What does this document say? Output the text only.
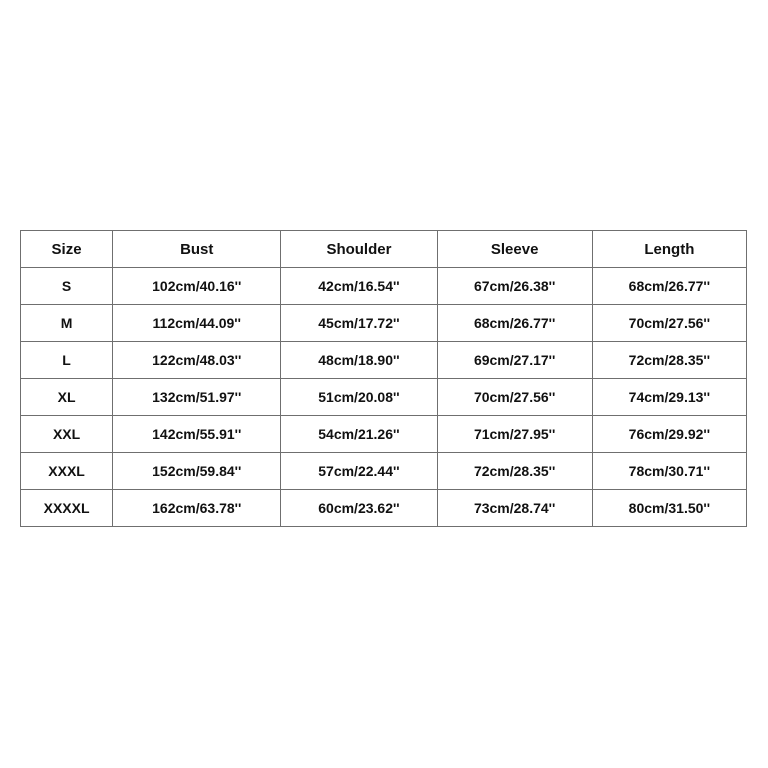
Size	Bust	Shoulder	Sleeve	Length
S	102cm/40.16''	42cm/16.54''	67cm/26.38''	68cm/26.77''
M	112cm/44.09''	45cm/17.72''	68cm/26.77''	70cm/27.56''
L	122cm/48.03''	48cm/18.90''	69cm/27.17''	72cm/28.35''
XL	132cm/51.97''	51cm/20.08''	70cm/27.56''	74cm/29.13''
XXL	142cm/55.91''	54cm/21.26''	71cm/27.95''	76cm/29.92''
XXXL	152cm/59.84''	57cm/22.44''	72cm/28.35''	78cm/30.71''
XXXXL	162cm/63.78''	60cm/23.62''	73cm/28.74''	80cm/31.50''
